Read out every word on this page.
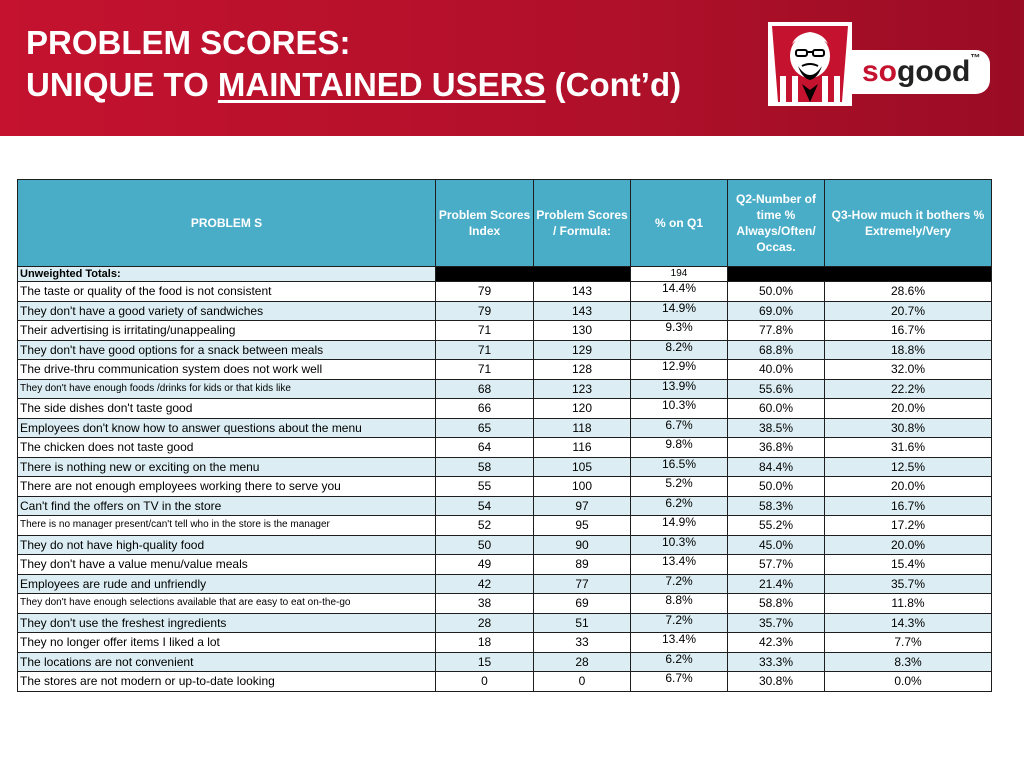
PROBLEM SCORES:
UNIQUE TO MAINTAINED USERS (Cont’d)	sogood™
PROBLEM S	Problem Scores Index	Problem Scores / Formula:	% on Q1	Q2-Number of time % Always/Often/ Occas.	Q3-How much it bothers % Extremely/Very
Unweighted Totals:			194		
The taste or quality of the food is not consistent	79	143	14.4%	50.0%	28.6%
They don't have a good variety of sandwiches	79	143	14.9%	69.0%	20.7%
Their advertising is irritating/unappealing	71	130	9.3%	77.8%	16.7%
They don't have good options for a snack between meals	71	129	8.2%	68.8%	18.8%
The drive-thru communication system does not work well	71	128	12.9%	40.0%	32.0%
They don't have enough foods /drinks for kids or that kids like	68	123	13.9%	55.6%	22.2%
The side dishes don't taste good	66	120	10.3%	60.0%	20.0%
Employees don't know how to answer questions about the menu	65	118	6.7%	38.5%	30.8%
The chicken does not taste good	64	116	9.8%	36.8%	31.6%
There is nothing new or exciting on the menu	58	105	16.5%	84.4%	12.5%
There are not enough employees working there to serve you	55	100	5.2%	50.0%	20.0%
Can't find the offers on TV in the store	54	97	6.2%	58.3%	16.7%
There is no manager present/can't tell who in the store is the manager	52	95	14.9%	55.2%	17.2%
They do not have high-quality food	50	90	10.3%	45.0%	20.0%
They don't have a value menu/value meals	49	89	13.4%	57.7%	15.4%
Employees are rude and unfriendly	42	77	7.2%	21.4%	35.7%
They don't have enough selections available that are easy to eat on-the-go	38	69	8.8%	58.8%	11.8%
They don't use the freshest ingredients	28	51	7.2%	35.7%	14.3%
They no longer offer items I liked a lot	18	33	13.4%	42.3%	7.7%
The locations are not convenient	15	28	6.2%	33.3%	8.3%
The stores are not modern or up-to-date looking	0	0	6.7%	30.8%	0.0%
